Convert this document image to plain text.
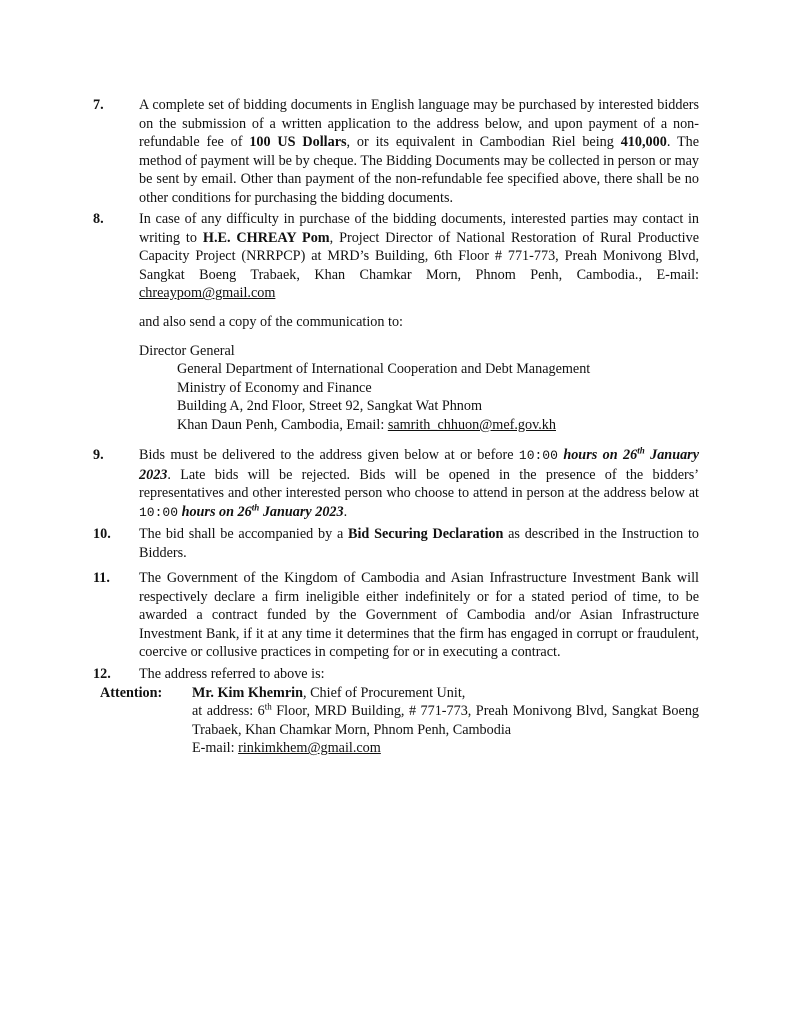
7. A complete set of bidding documents in English language may be purchased by interested bidders on the submission of a written application to the address below, and upon payment of a non-refundable fee of 100 US Dollars, or its equivalent in Cambodian Riel being 410,000. The method of payment will be by cheque. The Bidding Documents may be collected in person or may be sent by email. Other than payment of the non-refundable fee specified above, there shall be no other conditions for purchasing the bidding documents.
8. In case of any difficulty in purchase of the bidding documents, interested parties may contact in writing to H.E. CHREAY Pom, Project Director of National Restoration of Rural Productive Capacity Project (NRRPCP) at MRD’s Building, 6th Floor # 771-773, Preah Monivong Blvd, Sangkat Boeng Trabaek, Khan Chamkar Morn, Phnom Penh, Cambodia., E-mail: chreaypom@gmail.com
and also send a copy of the communication to:
Director General
General Department of International Cooperation and Debt Management
Ministry of Economy and Finance
Building A, 2nd Floor, Street 92, Sangkat Wat Phnom
Khan Daun Penh, Cambodia, Email: samrith_chhuon@mef.gov.kh
9. Bids must be delivered to the address given below at or before 10:00 hours on 26th January 2023. Late bids will be rejected. Bids will be opened in the presence of the bidders’ representatives and other interested person who choose to attend in person at the address below at 10:00 hours on 26th January 2023.
10. The bid shall be accompanied by a Bid Securing Declaration as described in the Instruction to Bidders.
11. The Government of the Kingdom of Cambodia and Asian Infrastructure Investment Bank will respectively declare a firm ineligible either indefinitely or for a stated period of time, to be awarded a contract funded by the Government of Cambodia and/or Asian Infrastructure Investment Bank, if it at any time it determines that the firm has engaged in corrupt or fraudulent, coercive or collusive practices in competing for or in executing a contract.
12. The address referred to above is:
Attention:	Mr. Kim Khemrin, Chief of Procurement Unit,
at address: 6th Floor, MRD Building, # 771-773, Preah Monivong Blvd, Sangkat Boeng Trabaek, Khan Chamkar Morn, Phnom Penh, Cambodia
E-mail: rinkimkhem@gmail.com
